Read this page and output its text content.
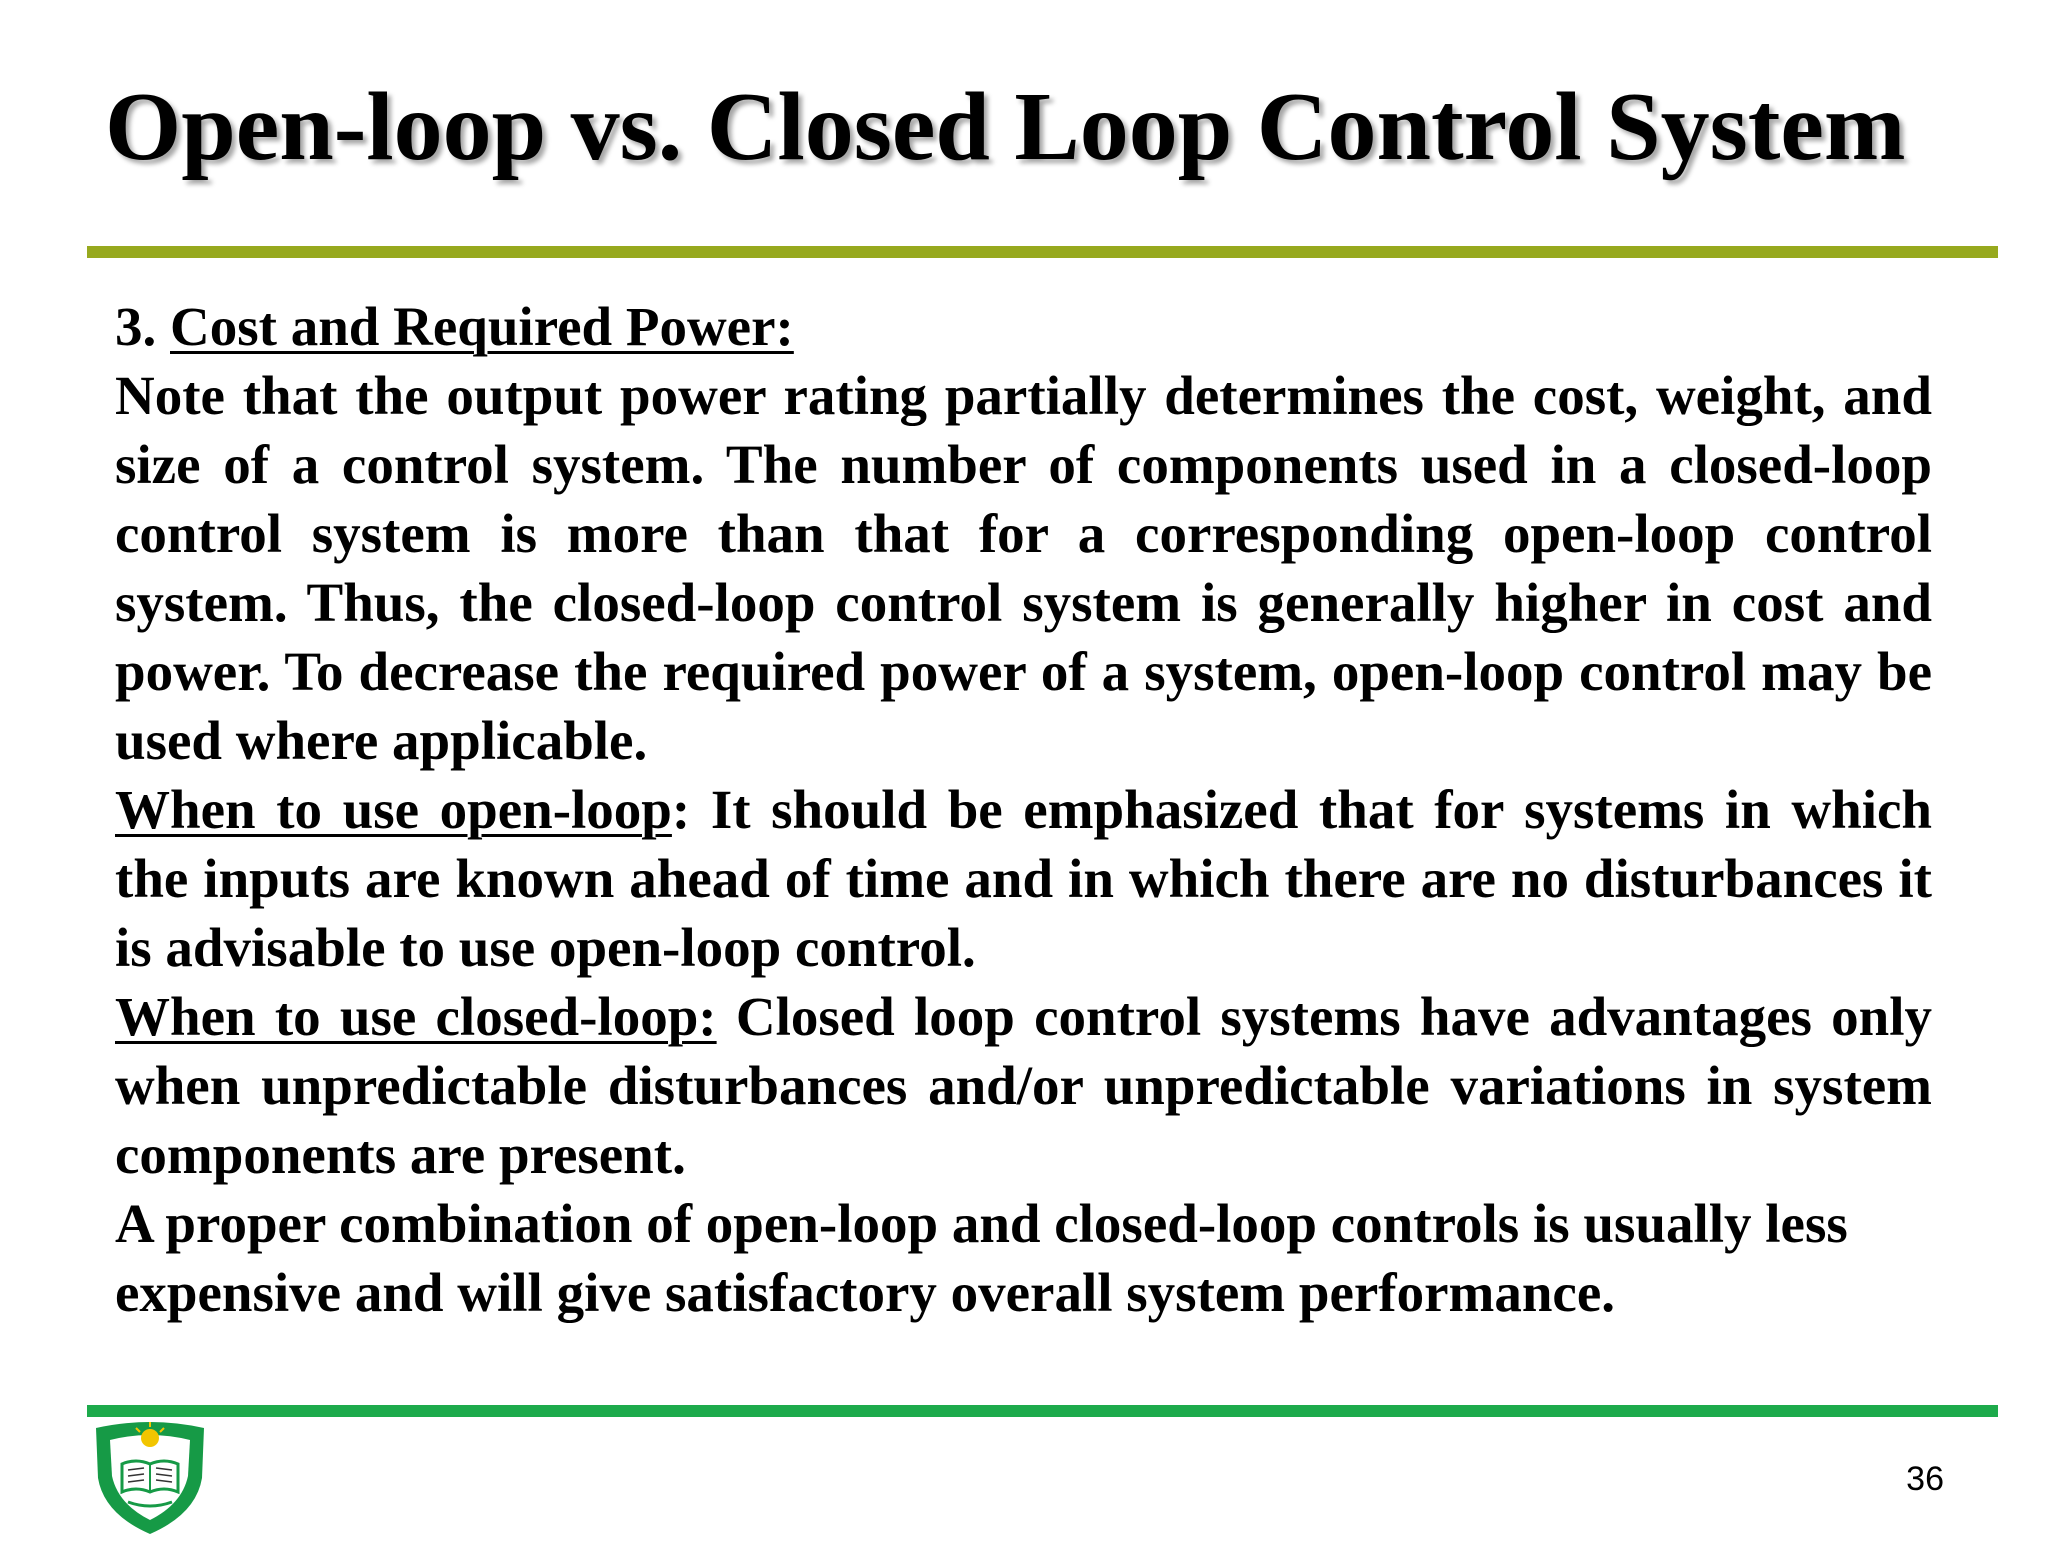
Open-loop vs. Closed Loop Control System

3. Cost and Required Power:

Note that the output power rating partially determines the cost, weight, and size of a control system. The number of components used in a closed-loop control system is more than that for a corresponding open-loop control system. Thus, the closed-loop control system is generally higher in cost and power. To decrease the required power of a system, open-loop control may be used where applicable.

When to use open-loop: It should be emphasized that for systems in which the inputs are known ahead of time and in which there are no disturbances it is advisable to use open-loop control.

When to use closed-loop: Closed loop control systems have advantages only when unpredictable disturbances and/or unpredictable variations in system components are present.

A proper combination of open-loop and closed-loop controls is usually less expensive and will give satisfactory overall system performance.

36
